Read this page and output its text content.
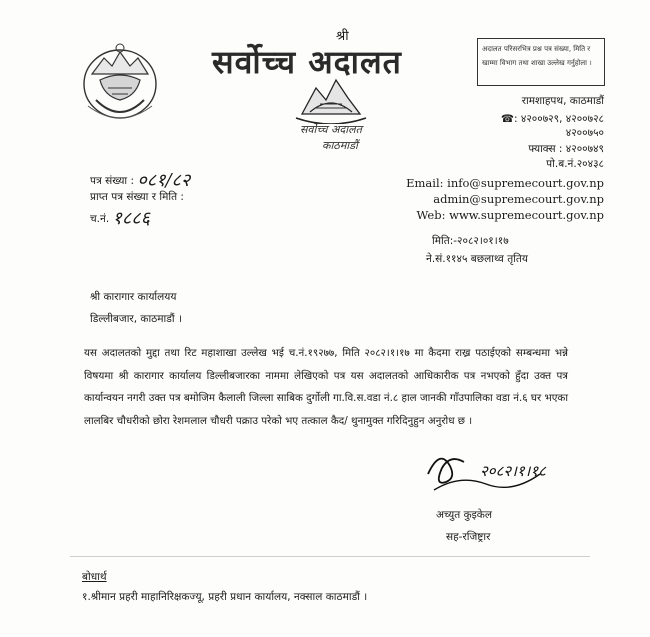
श्री
सर्वोच्च अदालत
सर्वोच्च अदालत
काठमाडौं
अदालत परिसरभित्र प्रश्न पत्र संख्या, मिति र खाम्मा विभाग तथा शाखा उल्लेख गर्नुहोला ।
रामशाहपथ, काठमाडौं
☎: ४२००७२९, ४२००७२८
४२००७५०
फ्याक्स : ४२००७४९
पो.ब.नं.२०४३८
Email: info@supremecourt.gov.np
admin@supremecourt.gov.np
Web: www.supremecourt.gov.np
पत्र संख्या : ०८१/८२
प्राप्त पत्र संख्या र मिति :
च.नं. १८८६
मिति:-२०८२।०१।१७
ने.सं.११४५ बछलाथ्व तृतिय
श्री कारागार कार्यालयय
डिल्लीबजार, काठमाडौं ।
यस अदालतको मुद्दा तथा रिट महाशाखा उल्लेख भई च.नं.१९२७७, मिति २०८२।१।१७ मा कैदमा राख्र पठाईएको सम्बन्धमा भन्ने विषयमा श्री कारागार कार्यालय डिल्लीबजारका नाममा लेखिएको पत्र यस अदालतको आधिकारीक पत्र नभएको हुँदा उक्त पत्र कार्यान्वयन नगरी उक्त पत्र बमोजिम कैलाली जिल्ला साबिक दुर्गोली गा.वि.स.वडा नं.८ हाल जानकी गाँउपालिका वडा नं.६ घर भएका लालबिर चौधरीको छोरा रेशमलाल चौधरी पक्राउ परेको भए तत्काल कैद/ थुनामुक्त गरिदिनुहुन अनुरोध छ ।
२०८२।१।१८
अच्युत कुइकेल
सह-रजिष्ट्रार
बोधार्थ
१.श्रीमान प्रहरी माहानिरिक्षकज्यू, प्रहरी प्रधान कार्यालय, नक्साल काठमाडौं ।
